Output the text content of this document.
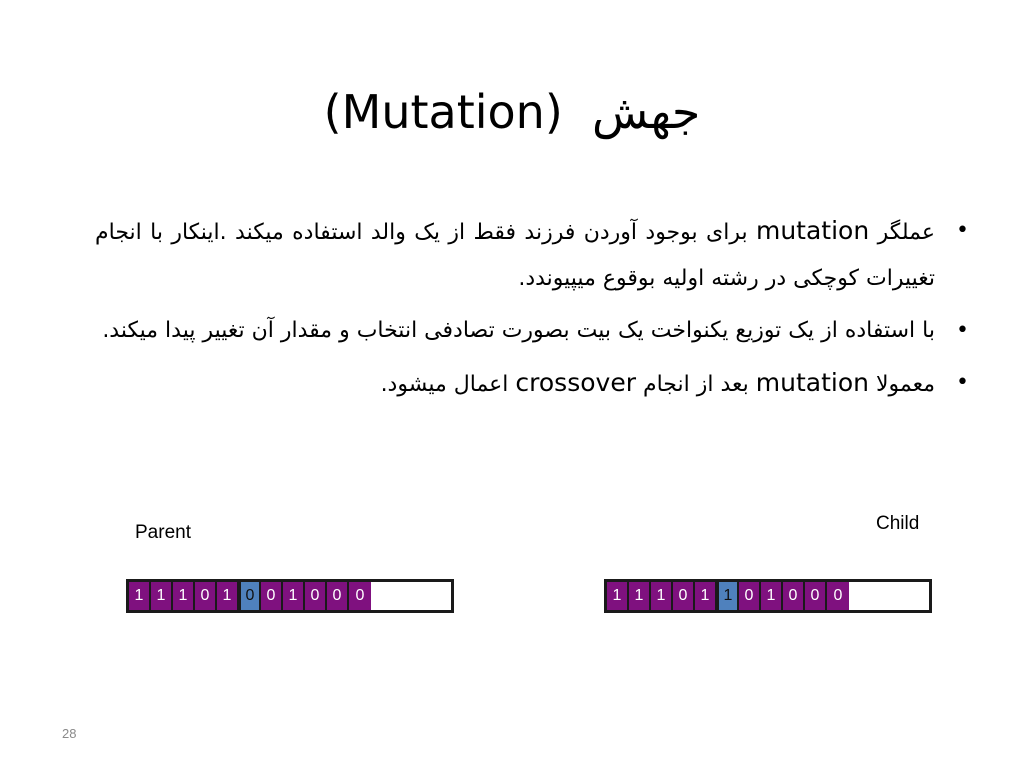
(Mutation) جهش
•
عملگر mutation برای بوجود آوردن فرزند فقط از یک والد استفاده میکند .اینکار با انجام تغییرات کوچکی در رشته اولیه بوقوع میپیوندد.
•
با استفاده از یک توزیع یکنواخت یک بیت بصورت تصادفی انتخاب و مقدار آن تغییر پیدا میکند.
•
معمولا mutation بعد از انجام crossover اعمال میشود.
Parent	Child
1 1 1 0 1 0 0 1 0 0 0	1 1 1 0 1 1 0 1 0 0 0
28
